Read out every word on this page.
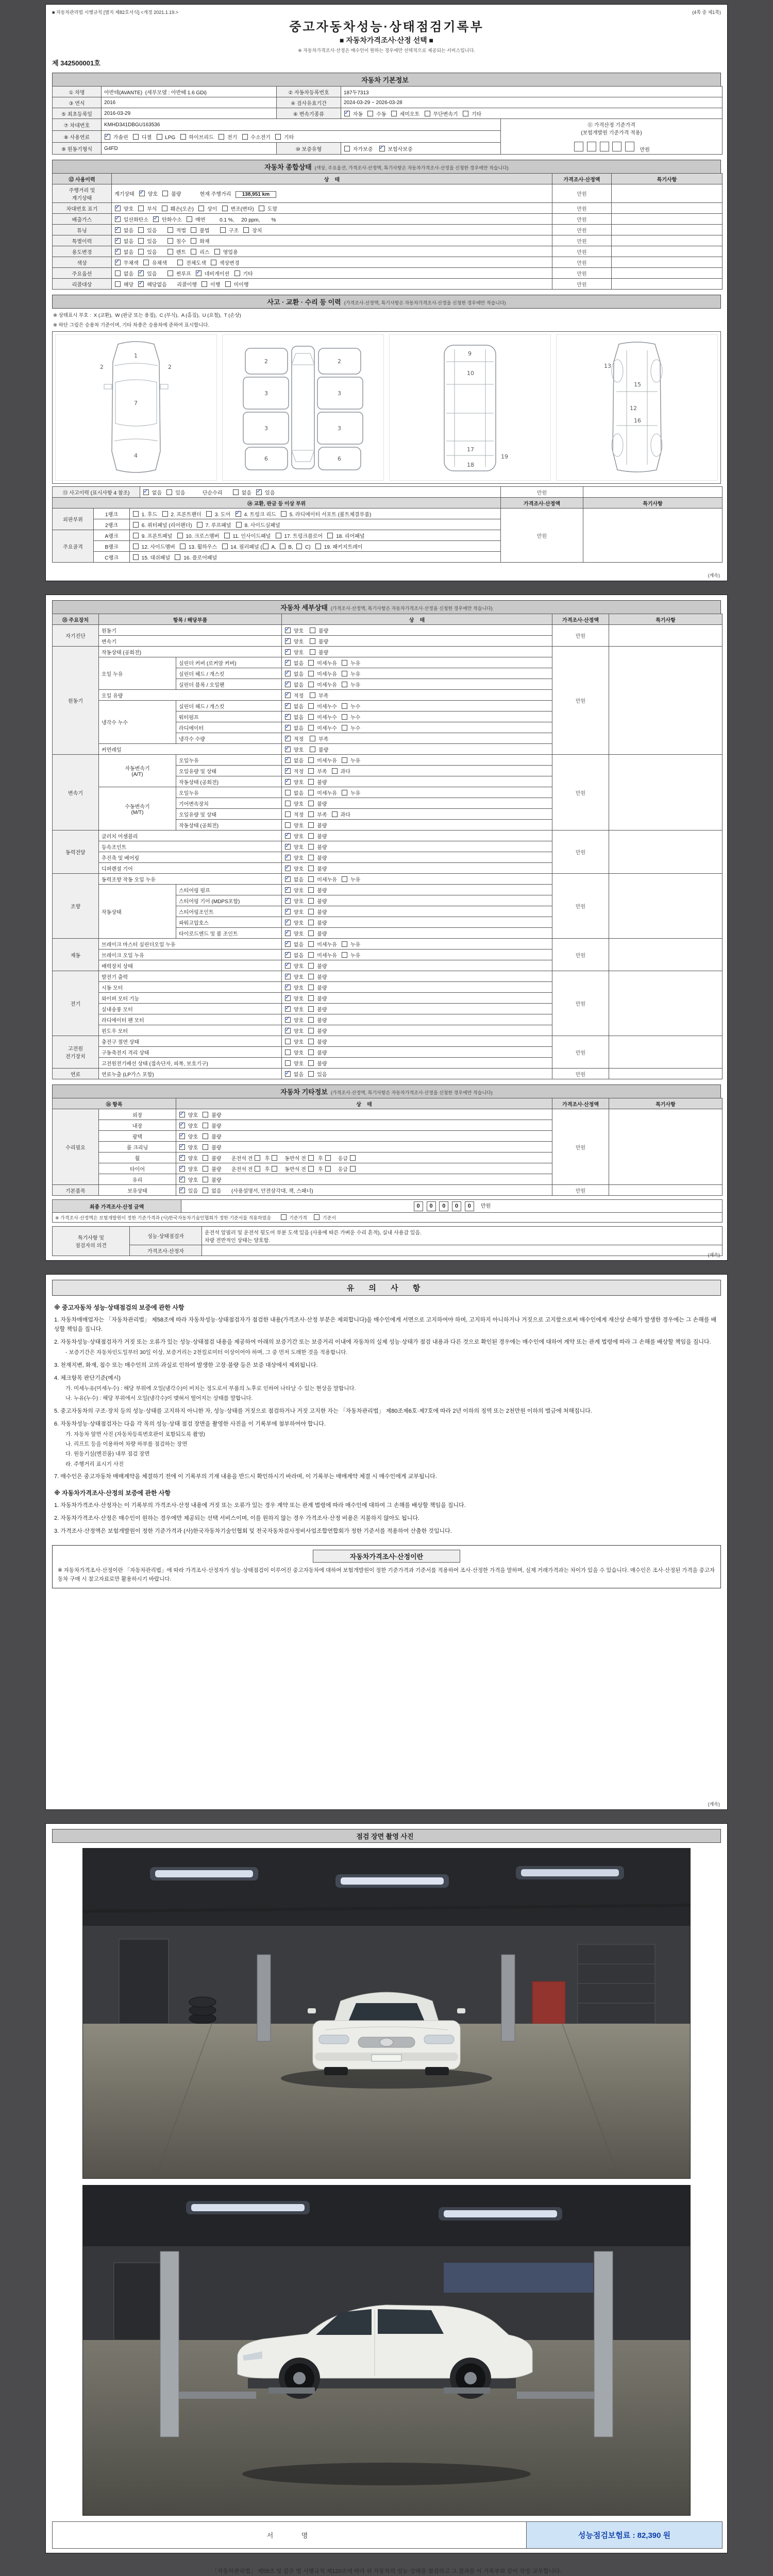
■ 자동차관리법 시행규칙 [별지 제82호서식] <개정 2021.1.19.>	(4쪽 중 제1쪽)
중고자동차성능·상태점검기록부
■ 자동차가격조사·산정 선택 ■
※ 자동차가격조사·산정은 매수인이 원하는 경우에만 선택적으로 제공되는 서비스입니다.
제 342500001호
자동차 기본정보
① 차명	아반테(AVANTE)  (세부모델 : 아반떼 1.6 GDi)	② 자동차등록번호	187두7313	
③ 연식	2016	④ 검사유효기간	2024-03-29 ~ 2026-03-28	
⑤ 최초등록일	2016-03-29	⑥ 변속기종류	✓ 자동    수동    세미오토    무단변속기    기타
⑦ 차대번호	KMHD341DBGU163536			⑪ 가격산정 기준가격
(보험개발원 기준가격 적용)

만원
⑧ 사용연료	✓ 가솔린    디젤    LPG    하이브리드    전기    수소전기    기타
⑨ 원동기형식	G4FD	⑩ 보증유형	자가보증    ✓ 보험사보증
자동차 종합상태 (색상, 주요옵션, 가격조사·산정액, 특기사항은 자동차가격조사·산정을 신청한 경우에만 적습니다)
⑫ 사용이력	상    태	가격조사·산정액	특기사항
주행거리 및
계기상태	계기상태   ✓ 양호    불량             현재 주행거리   138,951 km	만원	
차대번호 표기	✓ 양호    부식    훼손(오손)    상이    변조(변타)    도말	만원	
배출가스	✓ 일산화탄소   ✓ 탄화수소    매연          0.1 %,     20 ppm,        %	만원	
튜닝	✓ 없음    있음        적법    불법        구조    장치	만원	
특별이력	✓ 없음    있음        침수    화재	만원	
용도변경	✓ 없음    있음        렌트    리스    영업용	만원	
색상	✓ 무채색    유채색        전체도색    색상변경	만원	
주요옵션	없음   ✓ 있음        썬루프   ✓ 네비게이션    기타	만원	
리콜대상	해당   ✓ 해당없음       리콜이행    이행    미이행	만원	
사고 · 교환 · 수리 등 이력 (가격조사·산정액, 특기사항은 자동차가격조사·산정을 신청한 경우에만 적습니다)
※ 상태표시 부호 :  X (교환),  W (판금 또는 용접),  C (부식),  A (흠집),  U (요철),  T (손상)
※ 하단 그림은 승용차 기준이며, 기타 차종은 승용차에 준하여 표시합니다.
1
7
4
2	2
2
3
3
6
2
3
3
6
9
10
17
18
19
12
13
15
16
⑬ 사고이력 (표시사항 4 참조)	✓ 없음    있음            단순수리        없음   ✓ 있음	만원	
⑭ 교환, 판금 등 이상 부위			가격조사·산정액	특기사항
외판부위	1랭크	1. 후드    2. 프론트펜더    3. 도어   ✓ 4. 트렁크 리드    5. 라디에이터 서포트 (볼트체결부품)	만원	
	2랭크	6. 쿼터패널 (리어펜더)    7. 루프패널    8. 사이드실패널		
주요골격	A랭크	9. 프론트패널    10. 크로스멤버    11. 인사이드패널    17. 트렁크플로어    18. 리어패널		
	B랭크	12. 사이드멤버    13. 휠하우스    14. 필러패널 ( A,   B,   C)    19. 패키지트레이		
	C랭크	15. 대쉬패널    16. 플로어패널		
(계속)
자동차 세부상태 (가격조사·산정액, 특기사항은 자동차가격조사·산정을 신청한 경우에만 적습니다)
⑮ 주요장치	항목 / 해당부품		상    태	가격조사·산정액	특기사항
자기진단	원동기	✓ 양호     불량	만원	
	변속기	✓ 양호     불량
원동기	작동상태 (공회전)	✓ 양호     불량	만원	
	오일 누유	실린더 커버 (로커암 커버)	✓ 없음    미세누유    누유
		실린더 헤드 / 개스킷	✓ 없음    미세누유    누유
		실린더 블록 / 오일팬	✓ 없음    미세누유    누유
	오일 유량	✓ 적정     부족
	냉각수 누수	실린더 헤드 / 개스킷	✓ 없음    미세누수    누수
		워터펌프	✓ 없음    미세누수    누수
		라디에이터	✓ 없음    미세누수    누수
		냉각수 수량	✓ 적정     부족
	커먼레일	✓ 양호     불량
변속기	자동변속기
(A/T)	오일누유	✓ 없음    미세누유    누유	만원	
		오일유량 및 상태	✓ 적정    부족    과다
		작동상태 (공회전)	✓ 양호    불량
	수동변속기
(M/T)	오일누유	없음    미세누유    누유		
		기어변속장치	양호    불량		
		오일유량 및 상태	적정    부족    과다		
		작동상태 (공회전)	양호    불량		
동력전달	클러치 어셈블리	✓ 양호    불량	만원	
	등속조인트	✓ 양호    불량
	추진축 및 베어링	✓ 양호    불량
	디퍼렌셜 기어	✓ 양호    불량
조향	동력조향 작동 오일 누유	✓ 없음    미세누유    누유	만원	
	작동상태	스티어링 펌프	✓ 양호    불량
		스티어링 기어 (MDPS포함)	✓ 양호    불량
		스티어링조인트	✓ 양호    불량
		파워고압호스	✓ 양호    불량
		타이로드엔드 및 볼 조인트	✓ 양호    불량
제동	브레이크 마스터 실린더오일 누유	✓ 없음    미세누유    누유	만원	
	브레이크 오일 누유	✓ 없음    미세누유    누유
	배력장치 상태	✓ 양호    불량
전기	발전기 출력	✓ 양호    불량	만원	
	시동 모터	✓ 양호    불량
	와이퍼 모터 기능	✓ 양호    불량
	실내송풍 모터	✓ 양호    불량
	라디에이터 팬 모터	✓ 양호    불량
	윈도우 모터	✓ 양호    불량
고전원
전기장치	충전구 절연 상태		양호    불량	만원	
	구동축전지 격리 상태		양호    불량		
	고전원전기배선 상태 (접속단자, 피복, 보호기구)		양호    불량		
연료	연료누출 (LP가스 포함)	✓ 없음    있음	만원	
자동차 기타정보 (가격조사·산정액, 특기사항은 자동차가격조사·산정을 신청한 경우에만 적습니다)
⑯ 항목		상    태	가격조사·산정액	특기사항
수리필요	외장	✓ 양호    불량	만원	
	내장	✓ 양호    불량
	광택	✓ 양호    불량
	룸 크리닝	✓ 양호    불량
	휠	✓ 양호    불량       운전석 전   후     동반석 전   후     응급
	타이어	✓ 양호    불량       운전석 전   후     동반석 전   후     응급
	유리	✓ 양호    불량
기본품목	보유상태	✓ 있음    없음       (사용설명서, 안전삼각대, 잭, 스패너)	만원	
최종 가격조사·산정 금액	0 0 0 0 0    만원
※ 가격조사·산정액은 보험개발원이 정한 기준가격과 (사)한국자동차기술인협회가 정한 기준서를 적용하였음        기준가격      기준서
특기사항 및
점검자의 의견	성능·상태점검자	운전석 앞필러 및 운전석 뒷도어 부분 도색 있음 (사용에 따른 가벼운 수리 흔적), 실내 사용감 있음.
차량 전반적인 상태는 양호함.
	가격조사·산정자	
(계속)
유 의 사 항
※ 중고자동차 성능·상태점검의 보증에 관한 사항
1. 자동차매매업자는 「자동차관리법」 제58조에 따라 자동차성능·상태점검자가 점검한 내용(가격조사·산정 부분은 제외합니다)을 매수인에게 서면으로 고지하여야 하며, 고지하지 아니하거나 거짓으로 고지함으로써 매수인에게 재산상 손해가 발생한 경우에는 그 손해를 배상할 책임을 집니다.
2. 자동차성능·상태점검자가 거짓 또는 오류가 있는 성능·상태점검 내용을 제공하여 아래의 보증기간 또는 보증거리 이내에 자동차의 실제 성능·상태가 점검 내용과 다른 것으로 확인된 경우에는 매수인에 대하여 계약 또는 관계 법령에 따라 그 손해를 배상할 책임을 집니다.
- 보증기간은 자동차인도일부터 30일 이상, 보증거리는 2천킬로미터 이상이어야 하며, 그 중 먼저 도래한 것을 적용합니다.
3. 천재지변, 화재, 침수 또는 매수인의 고의·과실로 인하여 발생한 고장·불량 등은 보증 대상에서 제외됩니다.
4. 체크항목 판단기준(예시)
가. 미세누유(미세누수) : 해당 부위에 오일(냉각수)이 비치는 정도로서 부품의 노후로 인하여 나타날 수 있는 현상을 말합니다.
나. 누유(누수) : 해당 부위에서 오일(냉각수)이 맺혀서 떨어지는 상태를 말합니다.
5. 중고자동차의 구조·장치 등의 성능·상태를 고지하지 아니한 자, 성능·상태를 거짓으로 점검하거나 거짓 고지한 자는 「자동차관리법」 제80조제6호·제7호에 따라 2년 이하의 징역 또는 2천만원 이하의 벌금에 처해집니다.
6. 자동차성능·상태점검자는 다음 각 목의 성능·상태 점검 장면을 촬영한 사진을 이 기록부에 첨부하여야 합니다.
가. 자동차 앞면 사진 (자동차등록번호판이 포함되도록 촬영)
나. 리프트 등을 이용하여 차량 하부를 점검하는 장면
다. 원동기실(엔진룸) 내부 점검 장면
라. 주행거리 표시기 사진
7. 매수인은 중고자동차 매매계약을 체결하기 전에 이 기록부의 기재 내용을 반드시 확인하시기 바라며, 이 기록부는 매매계약 체결 시 매수인에게 교부됩니다.
※ 자동차가격조사·산정의 보증에 관한 사항
1. 자동차가격조사·산정자는 이 기록부의 가격조사·산정 내용에 거짓 또는 오류가 있는 경우 계약 또는 관계 법령에 따라 매수인에 대하여 그 손해를 배상할 책임을 집니다.
2. 자동차가격조사·산정은 매수인이 원하는 경우에만 제공되는 선택 서비스이며, 이를 원하지 않는 경우 가격조사·산정 비용은 지불하지 않아도 됩니다.
3. 가격조사·산정액은 보험개발원이 정한 기준가격과 (사)한국자동차기술인협회 및 전국자동차검사정비사업조합연합회가 정한 기준서를 적용하여 산출한 것입니다.
자동차가격조사·산정이란
※ 자동차가격조사·산정이란 「자동차관리법」에 따라 가격조사·산정자가 성능·상태점검이 이루어진 중고자동차에 대하여 보험개발원이 정한 기준가격과 기준서를 적용하여 조사·산정한 가격을 말하며, 실제 거래가격과는 차이가 있을 수 있습니다. 매수인은 조사·산정된 가격을 중고자동차 구매 시 참고자료로만 활용하시기 바랍니다.
(계속)
점검 장면 촬영 사진
서    명	성능점검보험료 : 82,390 원
「자동차관리법」 제58조 및 같은 법 시행규칙 제120조에 따라 위 자동차의 성능·상태를 점검하고 그 결과를 이 기록부와 같이 작성·교부합니다.
